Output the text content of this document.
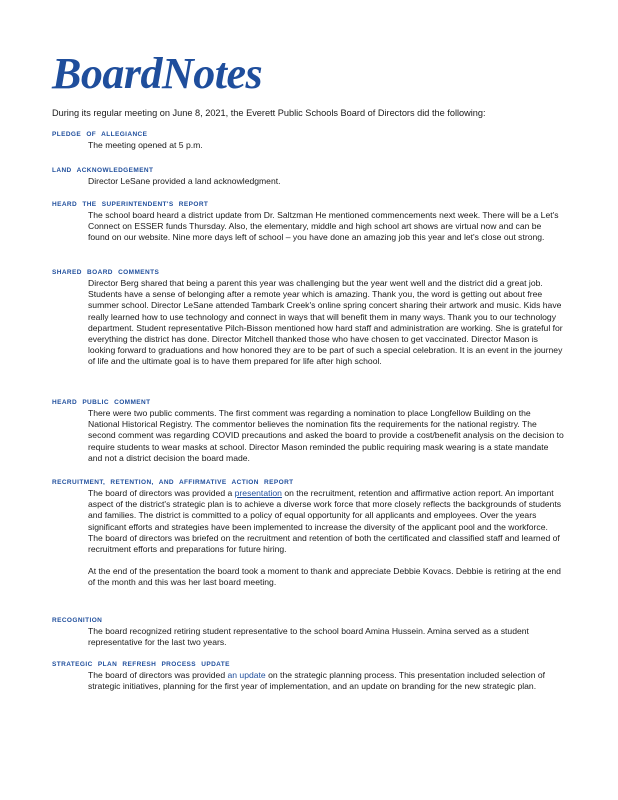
BoardNotes
During its regular meeting on June 8, 2021, the Everett Public Schools Board of Directors did the following:
PLEDGE OF ALLEGIANCE

The meeting opened at 5 p.m.

LAND ACKNOWLEDGEMENT

Director LeSane provided a land acknowledgment.

HEARD THE SUPERINTENDENT'S REPORT

The school board heard a district update from Dr. Saltzman He mentioned commencements next week. There will be a Let's Connect on ESSER funds Thursday. Also, the elementary, middle and high school art shows are virtual now and can be found on our website. Nine more days left of school – you have done an amazing job this year and let's close out strong.

SHARED BOARD COMMENTS

Director Berg shared that being a parent this year was challenging but the year went well and the district did a great job. Students have a sense of belonging after a remote year which is amazing. Thank you, the word is getting out about free summer school. Director LeSane attended Tambark Creek's online spring concert sharing their artwork and music. Kids have really learned how to use technology and connect in ways that will benefit them in many ways. Thank you to our technology department. Student representative Pilch-Bisson mentioned how hard staff and administration are working. She is grateful for everything the district has done. Director Mitchell thanked those who have chosen to get vaccinated. Director Mason is looking forward to graduations and how honored they are to be part of such a special celebration. It is an event in the journey of life and the ultimate goal is to have them prepared for life after high school.

HEARD PUBLIC COMMENT

There were two public comments. The first comment was regarding a nomination to place Longfellow Building on the National Historical Registry. The commentor believes the nomination fits the requirements for the national registry. The second comment was regarding COVID precautions and asked the board to provide a cost/benefit analysis on the decision to require students to wear masks at school. Director Mason reminded the public requiring mask wearing is a state mandate and not a district decision the board made.

RECRUITMENT, RETENTION, AND AFFIRMATIVE ACTION REPORT

The board of directors was provided a presentation on the recruitment, retention and affirmative action report. An important aspect of the district's strategic plan is to achieve a diverse work force that more closely reflects the backgrounds of students and families. The district is committed to a policy of equal opportunity for all applicants and employees. Over the years significant efforts and strategies have been implemented to increase the diversity of the applicant pool and the workforce. The board of directors was briefed on the recruitment and retention of both the certificated and classified staff and learned of recruitment efforts and preparations for future hiring.

At the end of the presentation the board took a moment to thank and appreciate Debbie Kovacs. Debbie is retiring at the end of the month and this was her last board meeting.

RECOGNITION

The board recognized retiring student representative to the school board Amina Hussein. Amina served as a student representative for the last two years.

STRATEGIC PLAN REFRESH PROCESS UPDATE

The board of directors was provided an update on the strategic planning process. This presentation included selection of strategic initiatives, planning for the first year of implementation, and an update on branding for the new strategic plan.
